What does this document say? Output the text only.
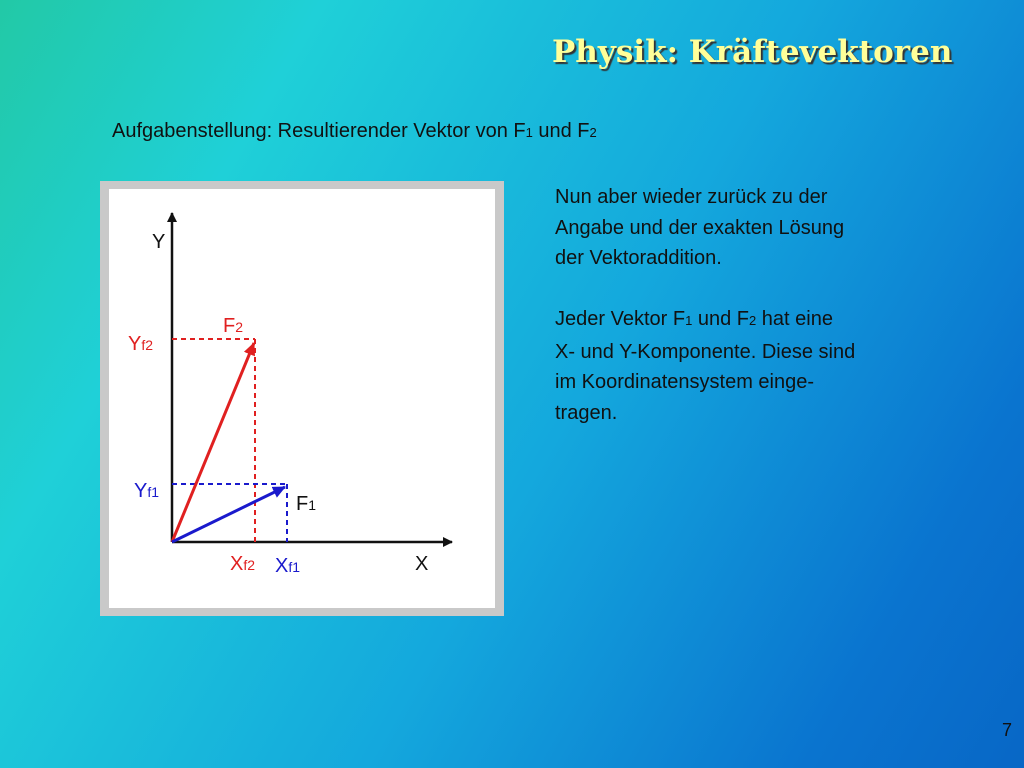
Physik: Kräftevektoren
Aufgabenstellung: Resultierender Vektor von F1 und F2
Y
X
F2
F1
Yf2
Yf1
Xf2 Xf1
Nun aber wieder zurück zu der
Angabe und der exakten Lösung
der Vektoraddition.
Jeder Vektor F1 und F2 hat eine
X- und Y-Komponente. Diese sind
im Koordinatensystem einge-
tragen.
7
